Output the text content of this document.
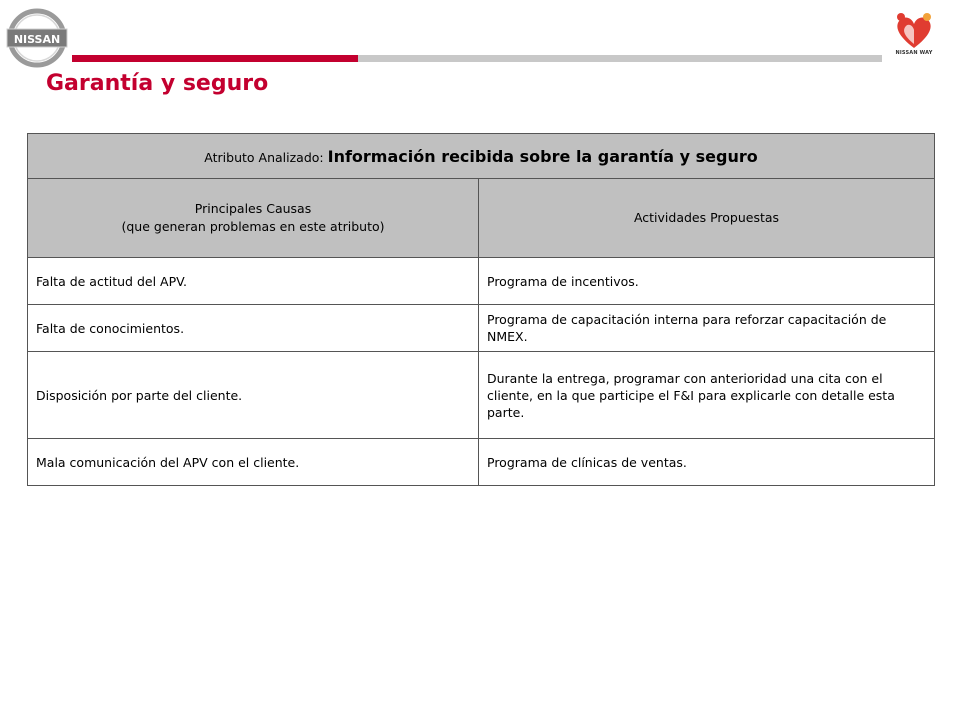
NISSAN
NISSAN WAY
Garantía y seguro
Atributo Analizado: Información recibida sobre la garantía y seguro	

Principales Causas
(que generan problemas en este atributo)	Actividades Propuestas
Falta de actitud del APV.	Programa de incentivos.
Falta de conocimientos.	Programa de capacitación interna para reforzar capacitación de NMEX.
Disposición por parte del cliente.	Durante la entrega, programar con anterioridad una cita con el cliente, en la que participe el F&I para explicarle con detalle esta parte.
Mala comunicación del APV con el cliente.	Programa de clínicas de ventas.
